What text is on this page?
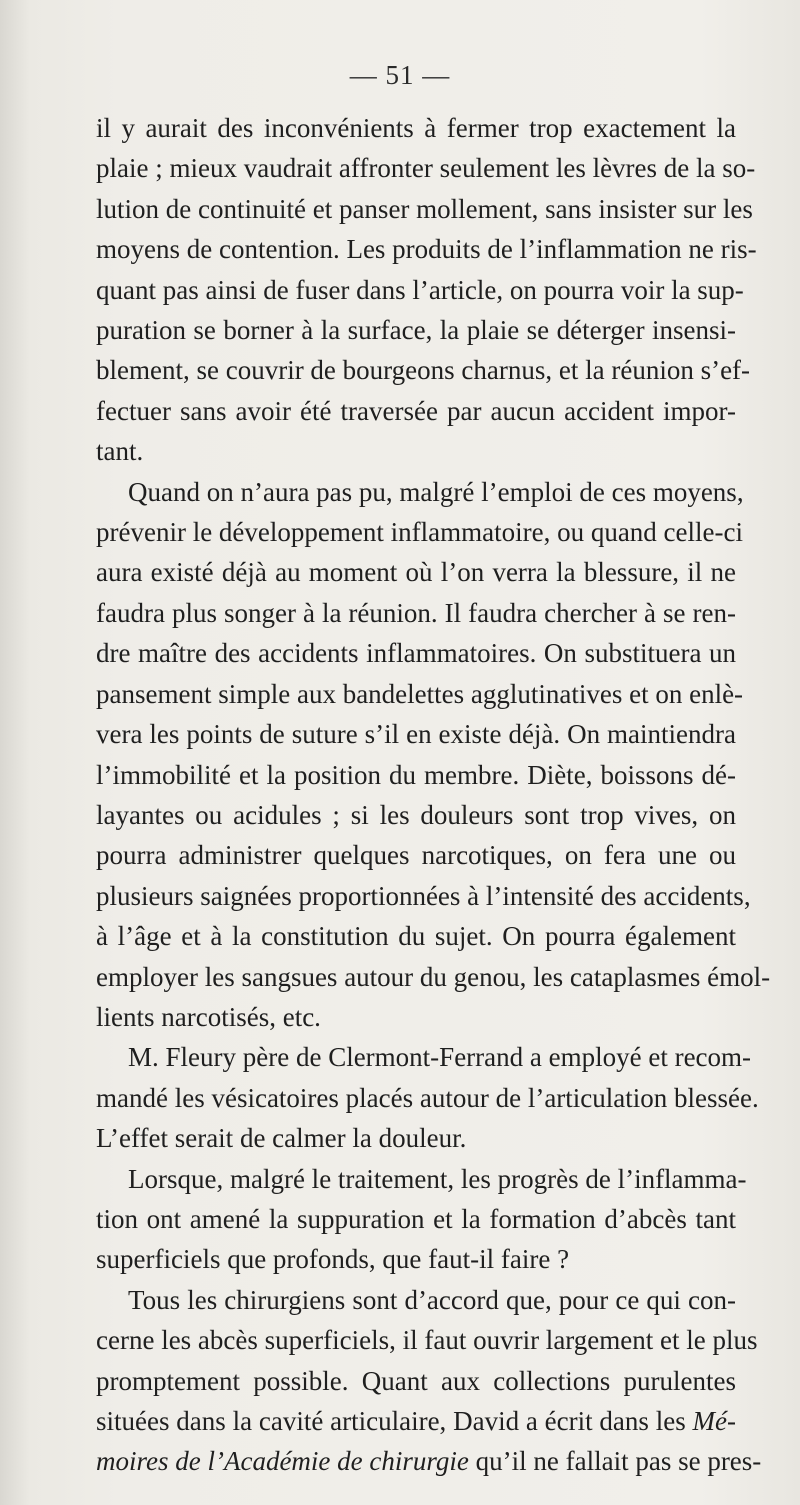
— 51 —
il y aurait des inconvénients à fermer trop exactement la
plaie ; mieux vaudrait affronter seulement les lèvres de la so-
lution de continuité et panser mollement, sans insister sur les
moyens de contention. Les produits de l’inflammation ne ris-
quant pas ainsi de fuser dans l’article, on pourra voir la sup-
puration se borner à la surface, la plaie se déterger insensi-
blement, se couvrir de bourgeons charnus, et la réunion s’ef-
fectuer sans avoir été traversée par aucun accident impor-
tant.
Quand on n’aura pas pu, malgré l’emploi de ces moyens,
prévenir le développement inflammatoire, ou quand celle-ci
aura existé déjà au moment où l’on verra la blessure, il ne
faudra plus songer à la réunion. Il faudra chercher à se ren-
dre maître des accidents inflammatoires. On substituera un
pansement simple aux bandelettes agglutinatives et on enlè-
vera les points de suture s’il en existe déjà. On maintiendra
l’immobilité et la position du membre. Diète, boissons dé-
layantes ou acidules ; si les douleurs sont trop vives, on
pourra administrer quelques narcotiques, on fera une ou
plusieurs saignées proportionnées à l’intensité des accidents,
à l’âge et à la constitution du sujet. On pourra également
employer les sangsues autour du genou, les cataplasmes émol-
lients narcotisés, etc.
M. Fleury père de Clermont-Ferrand a employé et recom-
mandé les vésicatoires placés autour de l’articulation blessée.
L’effet serait de calmer la douleur.
Lorsque, malgré le traitement, les progrès de l’inflamma-
tion ont amené la suppuration et la formation d’abcès tant
superficiels que profonds, que faut-il faire ?
Tous les chirurgiens sont d’accord que, pour ce qui con-
cerne les abcès superficiels, il faut ouvrir largement et le plus
promptement possible. Quant aux collections purulentes
situées dans la cavité articulaire, David a écrit dans les Mé-
moires de l’Académie de chirurgie qu’il ne fallait pas se pres-
